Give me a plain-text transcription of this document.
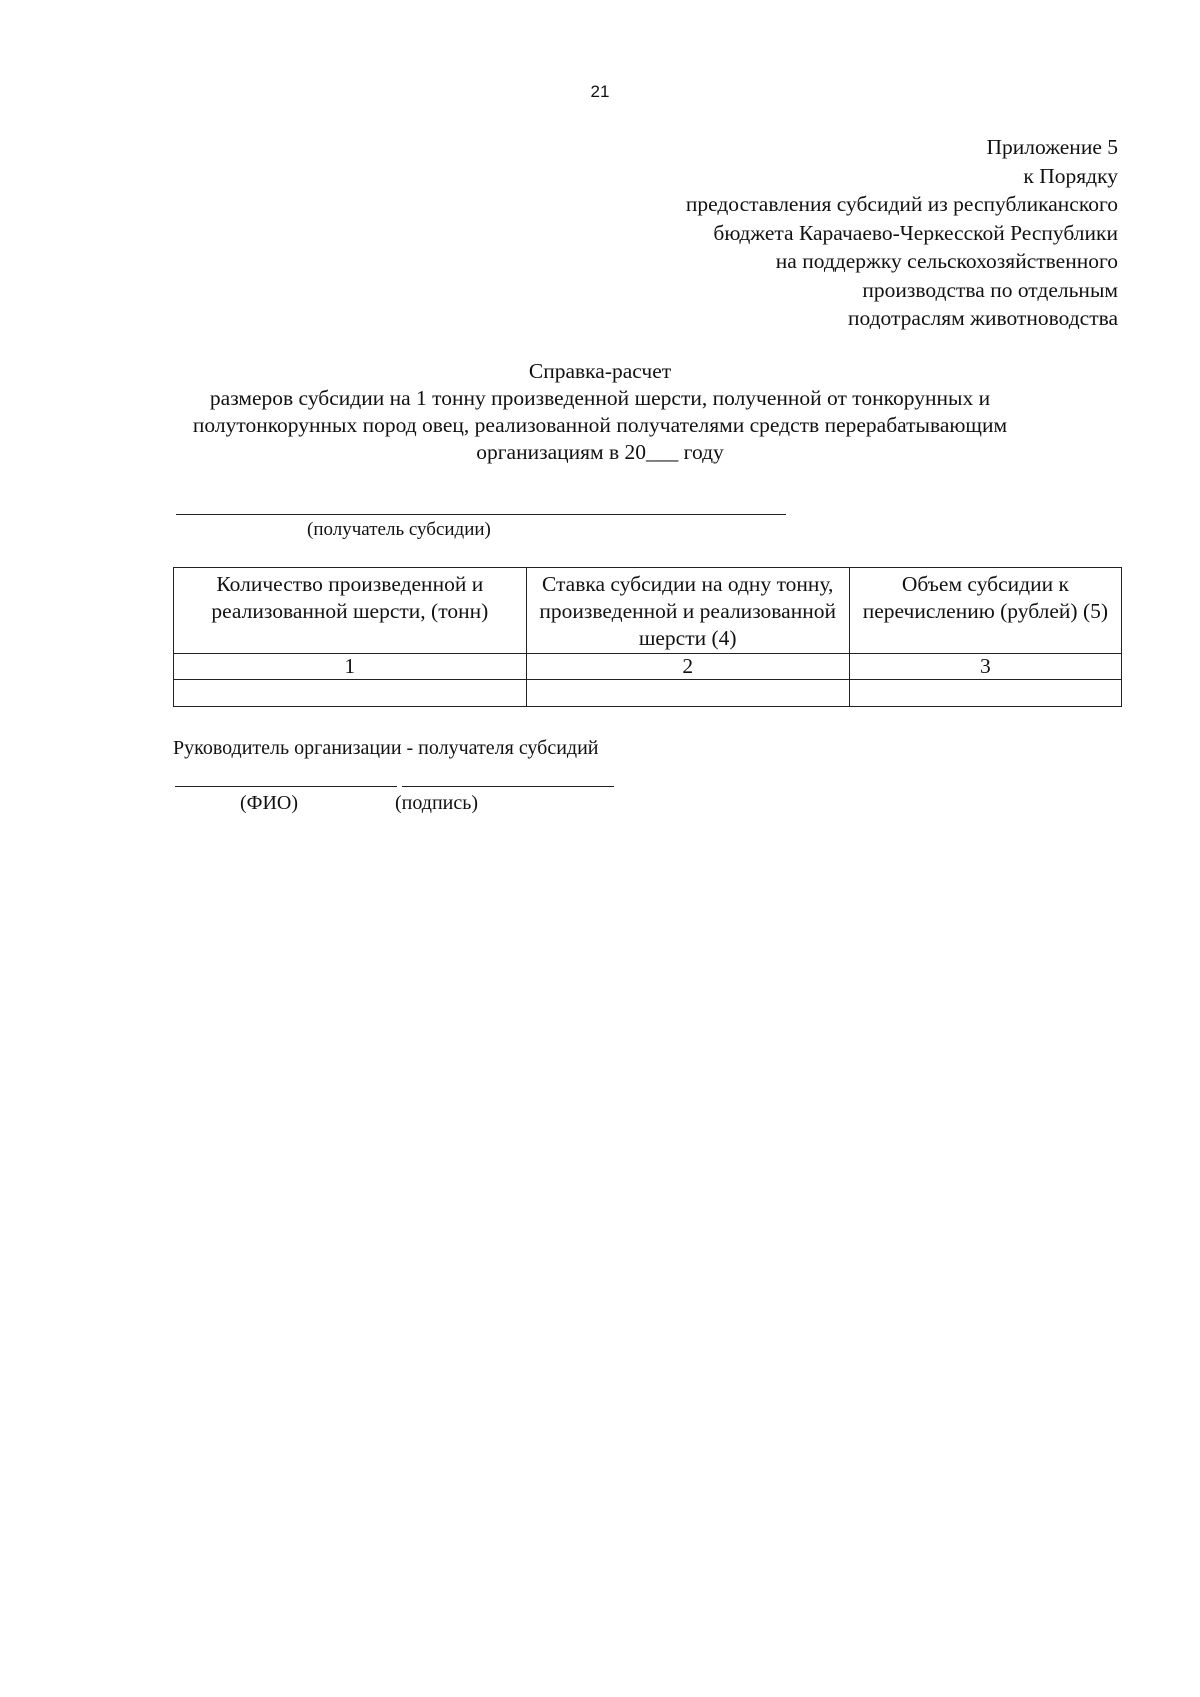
21
Приложение 5
к Порядку
предоставления субсидий из республиканского
бюджета Карачаево-Черкесской Республики
на поддержку сельскохозяйственного
производства по отдельным
подотраслям животноводства
Справка-расчет
размеров субсидии на 1 тонну произведенной шерсти, полученной от тонкорунных и
полутонкорунных пород овец, реализованной получателями средств перерабатывающим
организациям в 20___ году
(получатель субсидии)
Количество произведенной и реализованной шерсти, (тонн)	Ставка субсидии на одну тонну, произведенной и реализованной шерсти (4)	Объем субсидии к перечислению (рублей) (5)

1	2	3

Руководитель организации - получателя субсидий
(ФИО)	(подпись)
